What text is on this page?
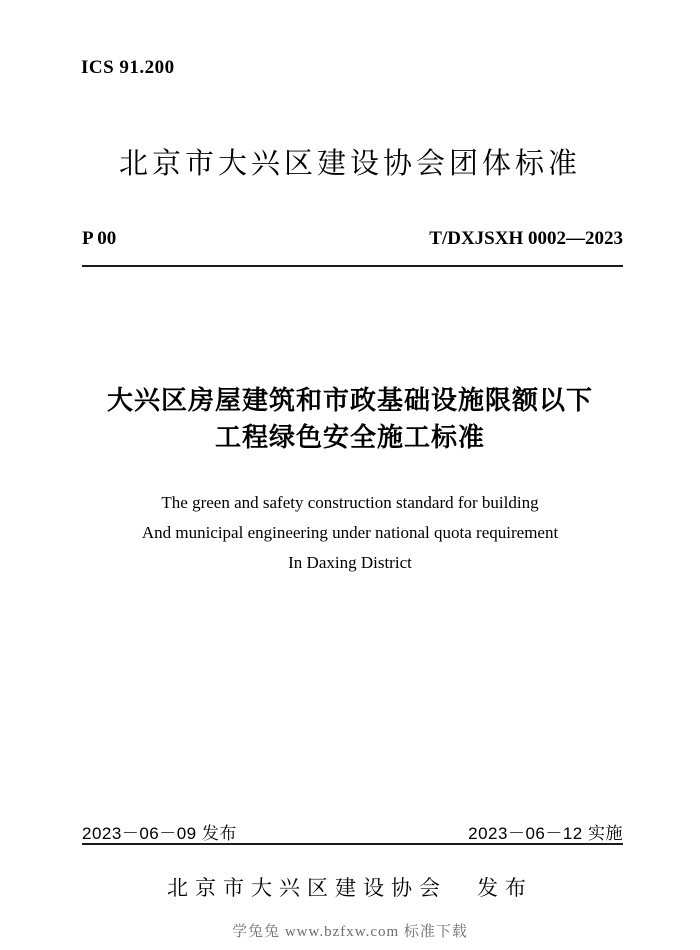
ICS 91.200
北京市大兴区建设协会团体标准
P 00	T/DXJSXH 0002—2023
大兴区房屋建筑和市政基础设施限额以下
工程绿色安全施工标准
The green and safety construction standard for building
And municipal engineering under national quota requirement
In Daxing District
2023－06－09 发布	2023－06－12 实施
北京市大兴区建设协会 发布
学兔兔 www.bzfxw.com 标准下载
